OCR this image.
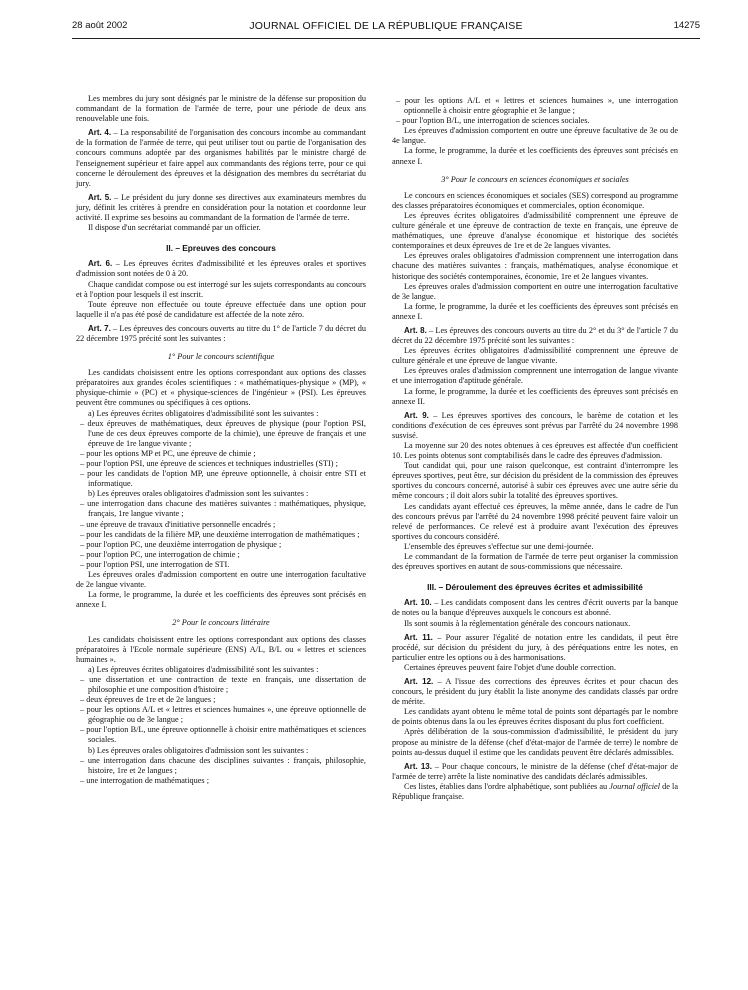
28 août 2002	JOURNAL OFFICIEL DE LA RÉPUBLIQUE FRANÇAISE	14275

Les membres du jury sont désignés par le ministre de la défense sur proposition du commandant de la formation de l'armée de terre, pour une période de deux ans renouvelable une fois.

Art. 4. – La responsabilité de l'organisation des concours incombe au commandant de la formation de l'armée de terre, qui peut utiliser tout ou partie de l'organisation des concours communs adoptée par des organismes habilités par le ministre chargé de l'enseignement supérieur et faire appel aux commandants des régions terre, pour ce qui concerne le déroulement des épreuves et la désignation des membres du secrétariat du jury.

Art. 5. – Le président du jury donne ses directives aux examinateurs membres du jury, définit les critères à prendre en considération pour la notation et coordonne leur activité. Il exprime ses besoins au commandant de la formation de l'armée de terre.

Il dispose d'un secrétariat commandé par un officier.

II. – Epreuves des concours

Art. 6. – Les épreuves écrites d'admissibilité et les épreuves orales et sportives d'admission sont notées de 0 à 20.

Chaque candidat compose ou est interrogé sur les sujets correspondants au concours et à l'option pour lesquels il est inscrit.

Toute épreuve non effectuée ou toute épreuve effectuée dans une option pour laquelle il n'a pas été posé de candidature est affectée de la note zéro.

Art. 7. – Les épreuves des concours ouverts au titre du 1° de l'article 7 du décret du 22 décembre 1975 précité sont les suivantes :

1° Pour le concours scientifique

Les candidats choisissent entre les options correspondant aux options des classes préparatoires aux grandes écoles scientifiques : « mathématiques-physique » (MP), « physique-chimie » (PC) et « physique-sciences de l'ingénieur » (PSI). Les épreuves peuvent être communes ou spécifiques à ces options.

a) Les épreuves écrites obligatoires d'admissibilité sont les suivantes :

– deux épreuves de mathématiques, deux épreuves de physique (pour l'option PSI, l'une de ces deux épreuves comporte de la chimie), une épreuve de français et une épreuve de 1re langue vivante ;

– pour les options MP et PC, une épreuve de chimie ;

– pour l'option PSI, une épreuve de sciences et techniques industrielles (STI) ;

– pour les candidats de l'option MP, une épreuve optionnelle, à choisir entre STI et informatique.

b) Les épreuves orales obligatoires d'admission sont les suivantes :

– une interrogation dans chacune des matières suivantes : mathématiques, physique, français, 1re langue vivante ;

– une épreuve de travaux d'initiative personnelle encadrés ;

– pour les candidats de la filière MP, une deuxième interrogation de mathématiques ;

– pour l'option PC, une deuxième interrogation de physique ;

– pour l'option PC, une interrogation de chimie ;

– pour l'option PSI, une interrogation de STI.

Les épreuves orales d'admission comportent en outre une interrogation facultative de 2e langue vivante.

La forme, le programme, la durée et les coefficients des épreuves sont précisés en annexe I.

2° Pour le concours littéraire

Les candidats choisissent entre les options correspondant aux options des classes préparatoires à l'Ecole normale supérieure (ENS) A/L, B/L ou « lettres et sciences humaines ».

a) Les épreuves écrites obligatoires d'admissibilité sont les suivantes :

– une dissertation et une contraction de texte en français, une dissertation de philosophie et une composition d'histoire ;

– deux épreuves de 1re et de 2e langues ;

– pour les options A/L et « lettres et sciences humaines », une épreuve optionnelle de géographie ou de 3e langue ;

– pour l'option B/L, une épreuve optionnelle à choisir entre mathématiques et sciences sociales.

b) Les épreuves orales obligatoires d'admission sont les suivantes :

– une interrogation dans chacune des disciplines suivantes : français, philosophie, histoire, 1re et 2e langues ;

– une interrogation de mathématiques ;

– pour les options A/L et « lettres et sciences humaines », une interrogation optionnelle à choisir entre géographie et 3e langue ;

– pour l'option B/L, une interrogation de sciences sociales.

Les épreuves d'admission comportent en outre une épreuve facultative de 3e ou de 4e langue.

La forme, le programme, la durée et les coefficients des épreuves sont précisés en annexe I.

3° Pour le concours en sciences économiques et sociales

Le concours en sciences économiques et sociales (SES) correspond au programme des classes préparatoires économiques et commerciales, option économique.

Les épreuves écrites obligatoires d'admissibilité comprennent une épreuve de culture générale et une épreuve de contraction de texte en français, une épreuve de mathématiques, une épreuve d'analyse économique et historique des sociétés contemporaines et deux épreuves de 1re et de 2e langues vivantes.

Les épreuves orales obligatoires d'admission comprennent une interrogation dans chacune des matières suivantes : français, mathématiques, analyse économique et historique des sociétés contemporaines, économie, 1re et 2e langues vivantes.

Les épreuves orales d'admission comportent en outre une interrogation facultative de 3e langue.

La forme, le programme, la durée et les coefficients des épreuves sont précisés en annexe I.

Art. 8. – Les épreuves des concours ouverts au titre du 2° et du 3° de l'article 7 du décret du 22 décembre 1975 précité sont les suivantes :

Les épreuves écrites obligatoires d'admissibilité comprennent une épreuve de culture générale et une épreuve de langue vivante.

Les épreuves orales d'admission comprennent une interrogation de langue vivante et une interrogation d'aptitude générale.

La forme, le programme, la durée et les coefficients des épreuves sont précisés en annexe II.

Art. 9. – Les épreuves sportives des concours, le barème de cotation et les conditions d'exécution de ces épreuves sont prévus par l'arrêté du 24 novembre 1998 susvisé.

La moyenne sur 20 des notes obtenues à ces épreuves est affectée d'un coefficient 10. Les points obtenus sont comptabilisés dans le cadre des épreuves d'admission.

Tout candidat qui, pour une raison quelconque, est contraint d'interrompre les épreuves sportives, peut être, sur décision du président de la commission des épreuves sportives du concours concerné, autorisé à subir ces épreuves avec une autre série du même concours ; il doit alors subir la totalité des épreuves sportives.

Les candidats ayant effectué ces épreuves, la même année, dans le cadre de l'un des concours prévus par l'arrêté du 24 novembre 1998 précité peuvent faire valoir un relevé de performances. Ce relevé est à produire avant l'exécution des épreuves sportives du concours considéré.

L'ensemble des épreuves s'effectue sur une demi-journée.

Le commandant de la formation de l'armée de terre peut organiser la commission des épreuves sportives en autant de sous-commissions que nécessaire.

III. – Déroulement des épreuves écrites et admissibilité

Art. 10. – Les candidats composent dans les centres d'écrit ouverts par la banque de notes ou la banque d'épreuves auxquels le concours est abonné.

Ils sont soumis à la réglementation générale des concours nationaux.

Art. 11. – Pour assurer l'égalité de notation entre les candidats, il peut être procédé, sur décision du président du jury, à des péréquations entre les notes, en particulier entre les options ou à des harmonisations.

Certaines épreuves peuvent faire l'objet d'une double correction.

Art. 12. – A l'issue des corrections des épreuves écrites et pour chacun des concours, le président du jury établit la liste anonyme des candidats classés par ordre de mérite.

Les candidats ayant obtenu le même total de points sont départagés par le nombre de points obtenus dans la ou les épreuves écrites disposant du plus fort coefficient.

Après délibération de la sous-commission d'admissibilité, le président du jury propose au ministre de la défense (chef d'état-major de l'armée de terre) le nombre de points au-dessus duquel il estime que les candidats peuvent être déclarés admissibles.

Art. 13. – Pour chaque concours, le ministre de la défense (chef d'état-major de l'armée de terre) arrête la liste nominative des candidats déclarés admissibles.

Ces listes, établies dans l'ordre alphabétique, sont publiées au Journal officiel de la République française.
